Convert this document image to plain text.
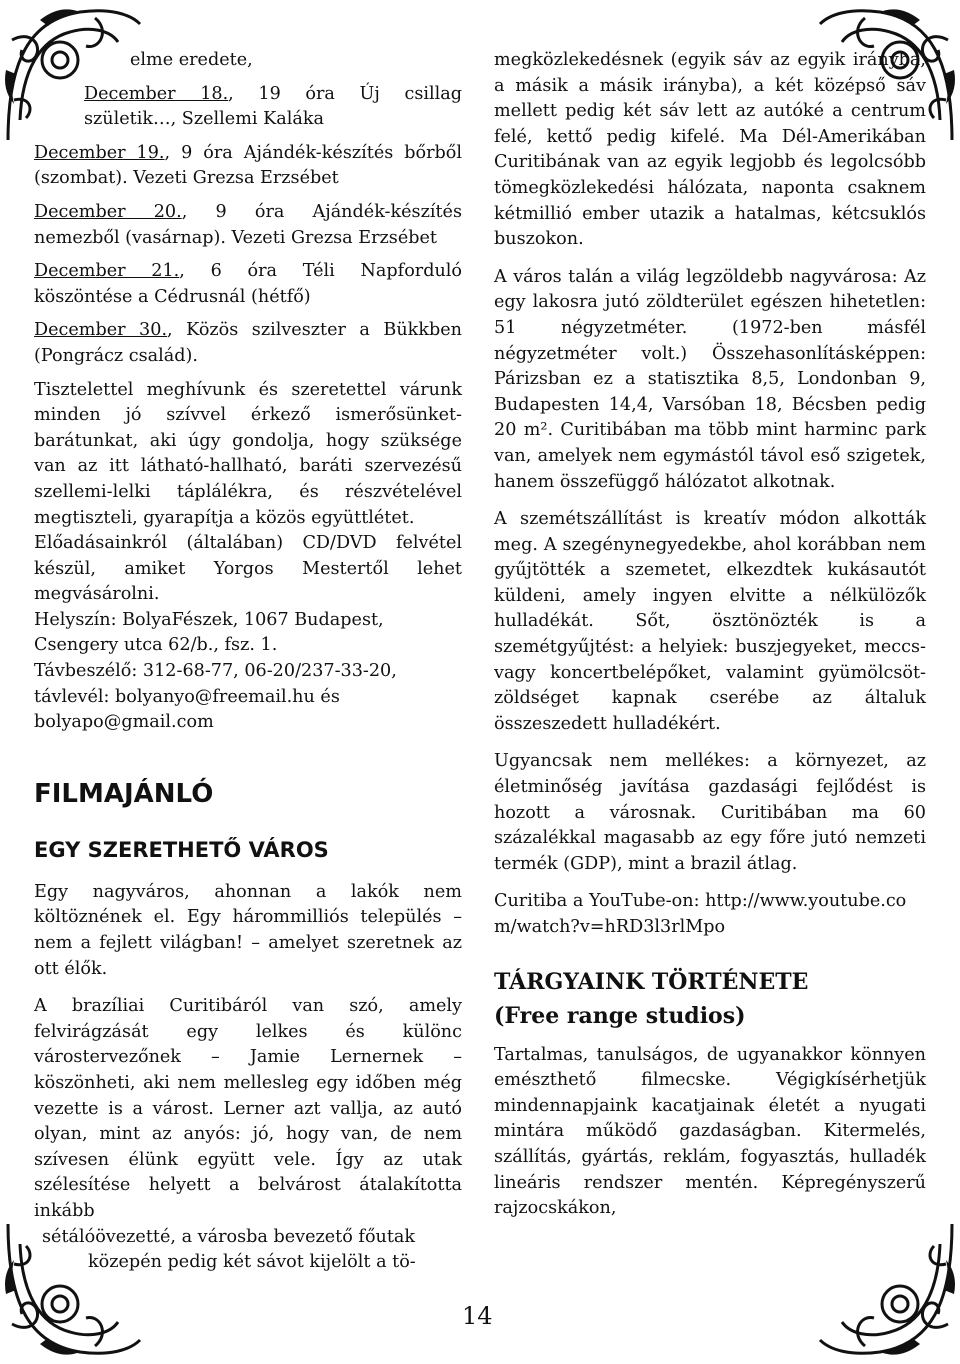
elme eredete,

December 18., 19 óra Új csillag születik…, Szellemi Kaláka

December 19., 9 óra Ajándék-készítés bőrből (szombat). Vezeti Grezsa Erzsébet

December 20., 9 óra Ajándék-készítés nemezből (vasárnap). Vezeti Grezsa Erzsébet

December 21., 6 óra Téli Napforduló köszöntése a Cédrusnál (hétfő)

December 30., Közös szilveszter a Bükkben (Pongrácz család).

Tisztelettel meghívunk és szeretettel várunk minden jó szívvel érkező ismerősünket-barátunkat, aki úgy gondolja, hogy szüksége van az itt látható-hallható, baráti szervezésű szellemi-lelki táplálékra, és részvételével megtiszteli, gyarapítja a közös együttlétet.

Előadásainkról (általában) CD/DVD felvétel készül, amiket Yorgos Mestertől lehet megvásárolni.

Helyszín: BolyaFészek, 1067 Budapest, Csengery utca 62/b., fsz. 1.

Távbeszélő: 312-68-77, 06-20/237-33-20, távlevél: bolyanyo@freemail.hu és bolyapo@gmail.com

FILMAJÁNLÓ
EGY SZERETHETŐ VÁROS

Egy nagyváros, ahonnan a lakók nem költöznének el. Egy hárommilliós település – nem a fejlett világban! – amelyet szeretnek az ott élők.

A brazíliai Curitibáról van szó, amely felvirágzását egy lelkes és különc várostervezőnek – Jamie Lernernek – köszönheti, aki nem mellesleg egy időben még vezette is a várost. Lerner azt vallja, az autó olyan, mint az anyós: jó, hogy van, de nem szívesen élünk együtt vele. Így az utak szélesítése helyett a belvárost átalakította inkább

sétálóövezetté, a városba bevezető főutak

közepén pedig két sávot kijelölt a tö-

megközlekedésnek (egyik sáv az egyik irányba, a másik a másik irányba), a két középső sáv mellett pedig két sáv lett az autóké a centrum felé, kettő pedig kifelé. Ma Dél-Amerikában Curitibának van az egyik legjobb és legolcsóbb tömegközlekedési hálózata, naponta csaknem kétmillió ember utazik a hatalmas, kétcsuklós buszokon.

A város talán a világ legzöldebb nagyvárosa: Az egy lakosra jutó zöldterület egészen hihetetlen: 51 négyzetméter. (1972-ben másfél négyzetméter volt.) Összehasonlításképpen: Párizsban ez a statisztika 8,5, Londonban 9, Budapesten 14,4, Varsóban 18, Bécsben pedig 20 m². Curitibában ma több mint harminc park van, amelyek nem egymástól távol eső szigetek, hanem összefüggő hálózatot alkotnak.

A szemétszállítást is kreatív módon alkották meg. A szegénynegyedekbe, ahol korábban nem gyűjtötték a szemetet, elkezdtek kukásautót küldeni, amely ingyen elvitte a nélkülözők hulladékát. Sőt, ösztönözték is a szemétgyűjtést: a helyiek: buszjegyeket, meccs- vagy koncertbelépőket, valamint gyümölcsöt-zöldséget kapnak cserébe az általuk összeszedett hulladékért.

Ugyancsak nem mellékes: a környezet, az életminőség javítása gazdasági fejlődést is hozott a városnak. Curitibában ma 60 százalékkal magasabb az egy főre jutó nemzeti termék (GDP), mint a brazil átlag.

Curitiba a YouTube-on: http://www.youtube.com/watch?v=hRD3l3rlMpo

TÁRGYAINK TÖRTÉNETE
(Free range studios)

Tartalmas, tanulságos, de ugyanakkor könnyen emészthető filmecske. Végigkísérhetjük mindennapjaink kacatjainak életét a nyugati mintára működő gazdaságban. Kitermelés, szállítás, gyártás, reklám, fogyasztás, hulladék lineáris rendszer mentén. Képregényszerű rajzocskákon,

14
